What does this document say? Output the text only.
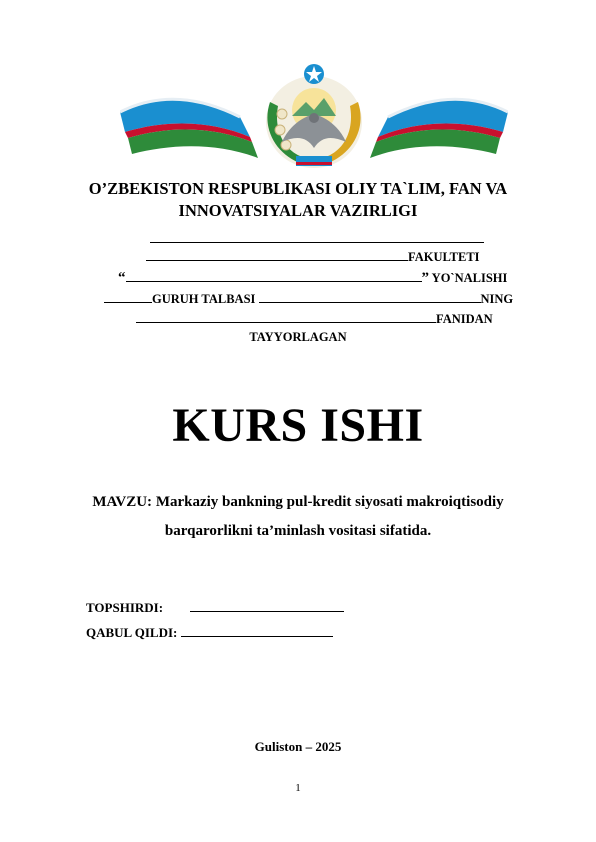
O’ZBEKISTON RESPUBLIKASI OLIY TA`LIM, FAN VA
INNOVATSIYALAR VAZIRLIGI
FAKULTETI
“	” YO`NALISHI
GURUH TALBASI	NING
FANIDAN
TAYYORLAGAN
KURS ISHI
MAVZU: Markaziy bankning pul-kredit siyosati makroiqtisodiy
barqarorlikni ta’minlash vositasi sifatida.
TOPSHIRDI:
QABUL QILDI:
Guliston – 2025
1
